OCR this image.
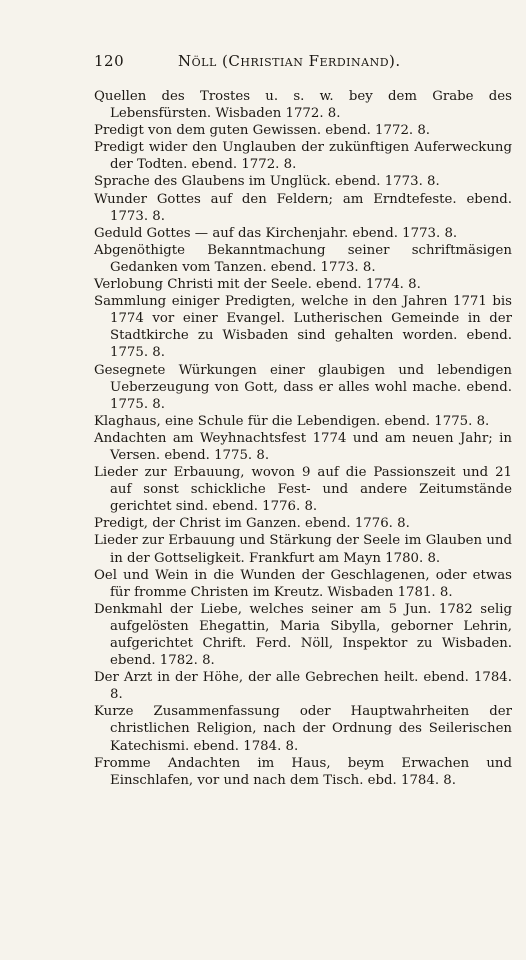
120	Nöll (Christian Ferdinand).

Quellen des Trostes u. s. w. bey dem Grabe des Lebensfürsten. Wisbaden 1772. 8.

Predigt von dem guten Gewissen. ebend. 1772. 8.

Predigt wider den Unglauben der zukünftigen Auferweckung der Todten. ebend. 1772. 8.

Sprache des Glaubens im Unglück. ebend. 1773. 8.

Wunder Gottes auf den Feldern; am Erndtefeste. ebend. 1773. 8.

Geduld Gottes — auf das Kirchenjahr. ebend. 1773. 8.

Abgenöthigte Bekanntmachung seiner schriftmäsigen Gedanken vom Tanzen. ebend. 1773. 8.

Verlobung Christi mit der Seele. ebend. 1774. 8.

Sammlung einiger Predigten, welche in den Jahren 1771 bis 1774 vor einer Evangel. Lutherischen Gemeinde in der Stadtkirche zu Wisbaden sind gehalten worden. ebend. 1775. 8.

Gesegnete Würkungen einer glaubigen und lebendigen Ueberzeugung von Gott, dass er alles wohl mache. ebend. 1775. 8.

Klaghaus, eine Schule für die Lebendigen. ebend. 1775. 8.

Andachten am Weyhnachtsfest 1774 und am neuen Jahr; in Versen. ebend. 1775. 8.

Lieder zur Erbauung, wovon 9 auf die Passionszeit und 21 auf sonst schickliche Fest- und andere Zeitumstände gerichtet sind. ebend. 1776. 8.

Predigt, der Christ im Ganzen. ebend. 1776. 8.

Lieder zur Erbauung und Stärkung der Seele im Glauben und in der Gottseligkeit. Frankfurt am Mayn 1780. 8.

Oel und Wein in die Wunden der Geschlagenen, oder etwas für fromme Christen im Kreutz. Wisbaden 1781. 8.

Denkmahl der Liebe, welches seiner am 5 Jun. 1782 selig aufgelösten Ehegattin, Maria Sibylla, geborner Lehrin, aufgerichtet Chrift. Ferd. Nöll, Inspektor zu Wisbaden. ebend. 1782. 8.

Der Arzt in der Höhe, der alle Gebrechen heilt. ebend. 1784. 8.

Kurze Zusammenfassung oder Hauptwahrheiten der christlichen Religion, nach der Ordnung des Seilerischen Katechismi. ebend. 1784. 8.

Fromme Andachten im Haus, beym Erwachen und Einschlafen, vor und nach dem Tisch. ebd. 1784. 8.
